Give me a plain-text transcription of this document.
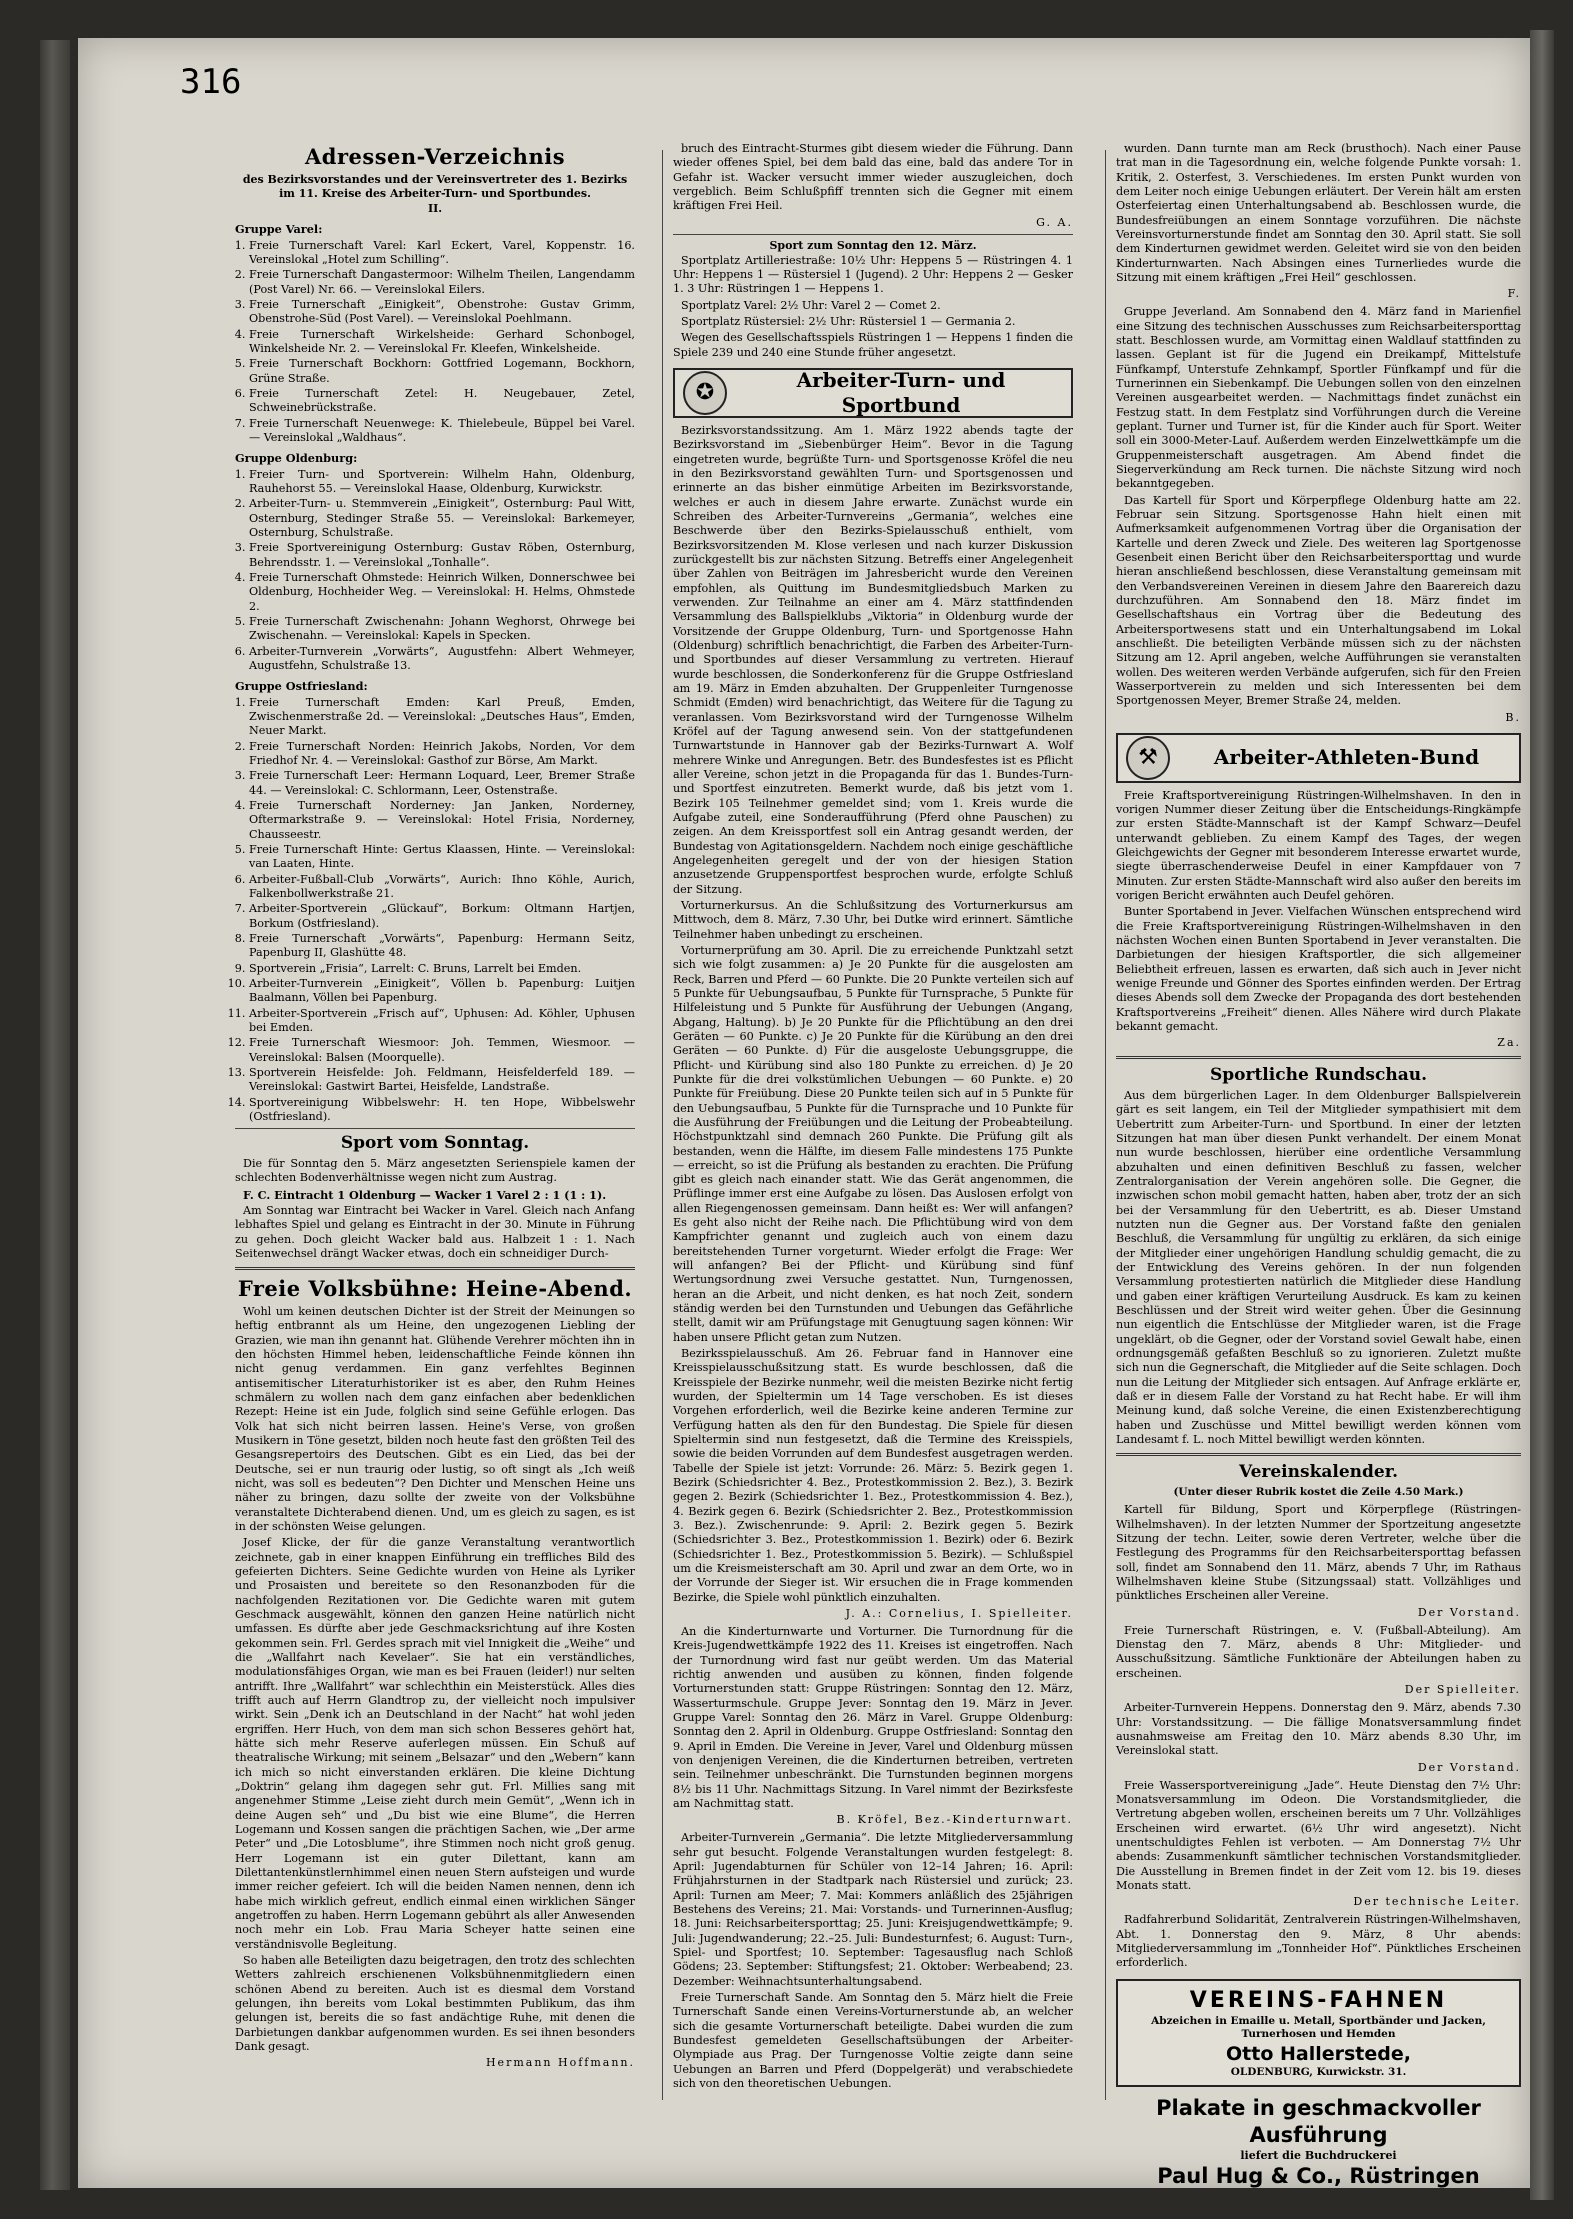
316
Adressen-Verzeichnis
des Bezirksvorstandes und der Vereinsvertreter des 1. Bezirks im 11. Kreise des Arbeiter-Turn- und Sportbundes.
II.
Gruppe Varel:
1. Freie Turnerschaft Varel: Karl Eckert, Varel, Koppenstr. 16. Vereinslokal „Hotel zum Schilling“.
2. Freie Turnerschaft Dangastermoor: Wilhelm Theilen, Langendamm (Post Varel) Nr. 66. — Vereinslokal Eilers.
3. Freie Turnerschaft „Einigkeit“, Obenstrohe: Gustav Grimm, Obenstrohe-Süd (Post Varel). — Vereinslokal Poehlmann.
4. Freie Turnerschaft Wirkelsheide: Gerhard Schonbogel, Winkelsheide Nr. 2. — Vereinslokal Fr. Kleefen, Winkelsheide.
5. Freie Turnerschaft Bockhorn: Gottfried Logemann, Bockhorn, Grüne Straße.
6. Freie Turnerschaft Zetel: H. Neugebauer, Zetel, Schweinebrückstraße.
7. Freie Turnerschaft Neuenwege: K. Thielebeule, Büppel bei Varel. — Vereinslokal „Waldhaus“.
Gruppe Oldenburg:
1. Freier Turn- und Sportverein: Wilhelm Hahn, Oldenburg, Rauhehorst 55. — Vereinslokal Haase, Oldenburg, Kurwickstr.
2. Arbeiter-Turn- u. Stemmverein „Einigkeit“, Osternburg: Paul Witt, Osternburg, Stedinger Straße 55. — Vereinslokal: Barkemeyer, Osternburg, Schulstraße.
3. Freie Sportvereinigung Osternburg: Gustav Röben, Osternburg, Behrendsstr. 1. — Vereinslokal „Tonhalle“.
4. Freie Turnerschaft Ohmstede: Heinrich Wilken, Donnerschwee bei Oldenburg, Hochheider Weg. — Vereinslokal: H. Helms, Ohmstede 2.
5. Freie Turnerschaft Zwischenahn: Johann Weghorst, Ohrwege bei Zwischenahn. — Vereinslokal: Kapels in Specken.
6. Arbeiter-Turnverein „Vorwärts“, Augustfehn: Albert Wehmeyer, Augustfehn, Schulstraße 13.
Gruppe Ostfriesland:
1. Freie Turnerschaft Emden: Karl Preuß, Emden, Zwischenmerstraße 2d. — Vereinslokal: „Deutsches Haus“, Emden, Neuer Markt.
2. Freie Turnerschaft Norden: Heinrich Jakobs, Norden, Vor dem Friedhof Nr. 4. — Vereinslokal: Gasthof zur Börse, Am Markt.
3. Freie Turnerschaft Leer: Hermann Loquard, Leer, Bremer Straße 44. — Vereinslokal: C. Schlormann, Leer, Ostenstraße.
4. Freie Turnerschaft Norderney: Jan Janken, Norderney, Oftermarkstraße 9. — Vereinslokal: Hotel Frisia, Norderney, Chausseestr.
5. Freie Turnerschaft Hinte: Gertus Klaassen, Hinte. — Vereinslokal: van Laaten, Hinte.
6. Arbeiter-Fußball-Club „Vorwärts“, Aurich: Ihno Köhle, Aurich, Falkenbollwerkstraße 21.
7. Arbeiter-Sportverein „Glückauf“, Borkum: Oltmann Hartjen, Borkum (Ostfriesland).
8. Freie Turnerschaft „Vorwärts“, Papenburg: Hermann Seitz, Papenburg II, Glashütte 48.
9. Sportverein „Frisia“, Larrelt: C. Bruns, Larrelt bei Emden.
10. Arbeiter-Turnverein „Einigkeit“, Völlen b. Papenburg: Luitjen Baalmann, Völlen bei Papenburg.
11. Arbeiter-Sportverein „Frisch auf“, Uphusen: Ad. Köhler, Uphusen bei Emden.
12. Freie Turnerschaft Wiesmoor: Joh. Temmen, Wiesmoor. — Vereinslokal: Balsen (Moorquelle).
13. Sportverein Heisfelde: Joh. Feldmann, Heisfelderfeld 189. — Vereinslokal: Gastwirt Bartei, Heisfelde, Landstraße.
14. Sportvereinigung Wibbelswehr: H. ten Hope, Wibbelswehr (Ostfriesland).
Sport vom Sonntag.

Die für Sonntag den 5. März angesetzten Serienspiele kamen der schlechten Bodenverhältnisse wegen nicht zum Austrag.

F. C. Eintracht 1 Oldenburg — Wacker 1 Varel 2 : 1 (1 : 1).

Am Sonntag war Eintracht bei Wacker in Varel. Gleich nach Anfang lebhaftes Spiel und gelang es Eintracht in der 30. Minute in Führung zu gehen. Doch gleicht Wacker bald aus. Halbzeit 1 : 1. Nach Seitenwechsel drängt Wacker etwas, doch ein schneidiger Durch-

Freie Volksbühne: Heine-Abend.

Wohl um keinen deutschen Dichter ist der Streit der Meinungen so heftig entbrannt als um Heine, den ungezogenen Liebling der Grazien, wie man ihn genannt hat. Glühende Verehrer möchten ihn in den höchsten Himmel heben, leidenschaftliche Feinde können ihn nicht genug verdammen. Ein ganz verfehltes Beginnen antisemitischer Literaturhistoriker ist es aber, den Ruhm Heines schmälern zu wollen nach dem ganz einfachen aber bedenklichen Rezept: Heine ist ein Jude, folglich sind seine Gefühle erlogen. Das Volk hat sich nicht beirren lassen. Heine's Verse, von großen Musikern in Töne gesetzt, bilden noch heute fast den größten Teil des Gesangsrepertoirs des Deutschen. Gibt es ein Lied, das bei der Deutsche, sei er nun traurig oder lustig, so oft singt als „Ich weiß nicht, was soll es bedeuten“? Den Dichter und Menschen Heine uns näher zu bringen, dazu sollte der zweite von der Volksbühne veranstaltete Dichterabend dienen. Und, um es gleich zu sagen, es ist in der schönsten Weise gelungen.

Josef Klicke, der für die ganze Veranstaltung verantwortlich zeichnete, gab in einer knappen Einführung ein treffliches Bild des gefeierten Dichters. Seine Gedichte wurden von Heine als Lyriker und Prosaisten und bereitete so den Resonanzboden für die nachfolgenden Rezitationen vor. Die Gedichte waren mit gutem Geschmack ausgewählt, können den ganzen Heine natürlich nicht umfassen. Es dürfte aber jede Geschmacksrichtung auf ihre Kosten gekommen sein. Frl. Gerdes sprach mit viel Innigkeit die „Weihe“ und die „Wallfahrt nach Kevelaer“. Sie hat ein verständliches, modulationsfähiges Organ, wie man es bei Frauen (leider!) nur selten antrifft. Ihre „Wallfahrt“ war schlechthin ein Meisterstück. Alles dies trifft auch auf Herrn Glandtrop zu, der vielleicht noch impulsiver wirkt. Sein „Denk ich an Deutschland in der Nacht“ hat wohl jeden ergriffen. Herr Huch, von dem man sich schon Besseres gehört hat, hätte sich mehr Reserve auferlegen müssen. Ein Schuß auf theatralische Wirkung; mit seinem „Belsazar“ und den „Webern“ kann ich mich so nicht einverstanden erklären. Die kleine Dichtung „Doktrin“ gelang ihm dagegen sehr gut. Frl. Millies sang mit angenehmer Stimme „Leise zieht durch mein Gemüt“, „Wenn ich in deine Augen seh“ und „Du bist wie eine Blume“, die Herren Logemann und Kossen sangen die prächtigen Sachen, wie „Der arme Peter“ und „Die Lotosblume“, ihre Stimmen noch nicht groß genug. Herr Logemann ist ein guter Dilettant, kann am Dilettantenkünstlernhimmel einen neuen Stern aufsteigen und wurde immer reicher gefeiert. Ich will die beiden Namen nennen, denn ich habe mich wirklich gefreut, endlich einmal einen wirklichen Sänger angetroffen zu haben. Herrn Logemann gebührt als aller Anwesenden noch mehr ein Lob. Frau Maria Scheyer hatte seinen eine verständnisvolle Begleitung.

So haben alle Beteiligten dazu beigetragen, den trotz des schlechten Wetters zahlreich erschienenen Volksbühnenmitgliedern einen schönen Abend zu bereiten. Auch ist es diesmal dem Vorstand gelungen, ihn bereits vom Lokal bestimmten Publikum, das ihm gelungen ist, bereits die so fast andächtige Ruhe, mit denen die Darbietungen dankbar aufgenommen wurden. Es sei ihnen besonders Dank gesagt.

Hermann Hoffmann.

bruch des Eintracht-Sturmes gibt diesem wieder die Führung. Dann wieder offenes Spiel, bei dem bald das eine, bald das andere Tor in Gefahr ist. Wacker versucht immer wieder auszugleichen, doch vergeblich. Beim Schlußpfiff trennten sich die Gegner mit einem kräftigen Frei Heil.

G. A.
Sport zum Sonntag den 12. März.

Sportplatz Artilleriestraße: 10½ Uhr: Heppens 5 — Rüstringen 4. 1 Uhr: Heppens 1 — Rüstersiel 1 (Jugend). 2 Uhr: Heppens 2 — Gesker 1. 3 Uhr: Rüstringen 1 — Heppens 1.

Sportplatz Varel: 2½ Uhr: Varel 2 — Comet 2.

Sportplatz Rüstersiel: 2½ Uhr: Rüstersiel 1 — Germania 2.

Wegen des Gesellschaftsspiels Rüstringen 1 — Heppens 1 finden die Spiele 239 und 240 eine Stunde früher angesetzt.

✪
Arbeiter-Turn- und Sportbund

Bezirksvorstandssitzung. Am 1. März 1922 abends tagte der Bezirksvorstand im „Siebenbürger Heim“. Bevor in die Tagung eingetreten wurde, begrüßte Turn- und Sportsgenosse Kröfel die neu in den Bezirksvorstand gewählten Turn- und Sportsgenossen und erinnerte an das bisher einmütige Arbeiten im Bezirksvorstande, welches er auch in diesem Jahre erwarte. Zunächst wurde ein Schreiben des Arbeiter-Turnvereins „Germania“, welches eine Beschwerde über den Bezirks-Spielausschuß enthielt, vom Bezirksvorsitzenden M. Klose verlesen und nach kurzer Diskussion zurückgestellt bis zur nächsten Sitzung. Betreffs einer Angelegenheit über Zahlen von Beiträgen im Jahresbericht wurde den Vereinen empfohlen, als Quittung im Bundesmitgliedsbuch Marken zu verwenden. Zur Teilnahme an einer am 4. März stattfindenden Versammlung des Ballspielklubs „Viktoria“ in Oldenburg wurde der Vorsitzende der Gruppe Oldenburg, Turn- und Sportgenosse Hahn (Oldenburg) schriftlich benachrichtigt, die Farben des Arbeiter-Turn- und Sportbundes auf dieser Versammlung zu vertreten. Hierauf wurde beschlossen, die Sonderkonferenz für die Gruppe Ostfriesland am 19. März in Emden abzuhalten. Der Gruppenleiter Turngenosse Schmidt (Emden) wird benachrichtigt, das Weitere für die Tagung zu veranlassen. Vom Bezirksvorstand wird der Turngenosse Wilhelm Kröfel auf der Tagung anwesend sein. Von der stattgefundenen Turnwartstunde in Hannover gab der Bezirks-Turnwart A. Wolf mehrere Winke und Anregungen. Betr. des Bundesfestes ist es Pflicht aller Vereine, schon jetzt in die Propaganda für das 1. Bundes-Turn- und Sportfest einzutreten. Bemerkt wurde, daß bis jetzt vom 1. Bezirk 105 Teilnehmer gemeldet sind; vom 1. Kreis wurde die Aufgabe zuteil, eine Sonderaufführung (Pferd ohne Pauschen) zu zeigen. An dem Kreissportfest soll ein Antrag gesandt werden, der Bundestag von Agitationsgeldern. Nachdem noch einige geschäftliche Angelegenheiten geregelt und der von der hiesigen Station anzusetzende Gruppensportfest besprochen wurde, erfolgte Schluß der Sitzung.

Vorturnerkursus. An die Schlußsitzung des Vorturnerkursus am Mittwoch, dem 8. März, 7.30 Uhr, bei Dutke wird erinnert. Sämtliche Teilnehmer haben unbedingt zu erscheinen.

Vorturnerprüfung am 30. April. Die zu erreichende Punktzahl setzt sich wie folgt zusammen: a) Je 20 Punkte für die ausgelosten am Reck, Barren und Pferd — 60 Punkte. Die 20 Punkte verteilen sich auf 5 Punkte für Uebungsaufbau, 5 Punkte für Turnsprache, 5 Punkte für Hilfeleistung und 5 Punkte für Ausführung der Uebungen (Angang, Abgang, Haltung). b) Je 20 Punkte für die Pflichtübung an den drei Geräten — 60 Punkte. c) Je 20 Punkte für die Kürübung an den drei Geräten — 60 Punkte. d) Für die ausgeloste Uebungsgruppe, die Pflicht- und Kürübung sind also 180 Punkte zu erreichen. d) Je 20 Punkte für die drei volkstümlichen Uebungen — 60 Punkte. e) 20 Punkte für Freiübung. Diese 20 Punkte teilen sich auf in 5 Punkte für den Uebungsaufbau, 5 Punkte für die Turnsprache und 10 Punkte für die Ausführung der Freiübungen und die Leitung der Probeabteilung. Höchstpunktzahl sind demnach 260 Punkte. Die Prüfung gilt als bestanden, wenn die Hälfte, im diesem Falle mindestens 175 Punkte — erreicht, so ist die Prüfung als bestanden zu erachten. Die Prüfung gibt es gleich nach einander statt. Wie das Gerät angenommen, die Prüflinge immer erst eine Aufgabe zu lösen. Das Auslosen erfolgt von allen Riegengenossen gemeinsam. Dann heißt es: Wer will anfangen? Es geht also nicht der Reihe nach. Die Pflichtübung wird von dem Kampfrichter genannt und zugleich auch von einem dazu bereitstehenden Turner vorgeturnt. Wieder erfolgt die Frage: Wer will anfangen? Bei der Pflicht- und Kürübung sind fünf Wertungsordnung zwei Versuche gestattet. Nun, Turngenossen, heran an die Arbeit, und nicht denken, es hat noch Zeit, sondern ständig werden bei den Turnstunden und Uebungen das Gefährliche stellt, damit wir am Prüfungstage mit Genugtuung sagen können: Wir haben unsere Pflicht getan zum Nutzen.

Bezirksspielausschuß. Am 26. Februar fand in Hannover eine Kreisspielausschußsitzung statt. Es wurde beschlossen, daß die Kreisspiele der Bezirke nunmehr, weil die meisten Bezirke nicht fertig wurden, der Spieltermin um 14 Tage verschoben. Es ist dieses Vorgehen erforderlich, weil die Bezirke keine anderen Termine zur Verfügung hatten als den für den Bundestag. Die Spiele für diesen Spieltermin sind nun festgesetzt, daß die Termine des Kreisspiels, sowie die beiden Vorrunden auf dem Bundesfest ausgetragen werden. Tabelle der Spiele ist jetzt: Vorrunde: 26. März: 5. Bezirk gegen 1. Bezirk (Schiedsrichter 4. Bez., Protestkommission 2. Bez.), 3. Bezirk gegen 2. Bezirk (Schiedsrichter 1. Bez., Protestkommission 4. Bez.), 4. Bezirk gegen 6. Bezirk (Schiedsrichter 2. Bez., Protestkommission 3. Bez.). Zwischenrunde: 9. April: 2. Bezirk gegen 5. Bezirk (Schiedsrichter 3. Bez., Protestkommission 1. Bezirk) oder 6. Bezirk (Schiedsrichter 1. Bez., Protestkommission 5. Bezirk). — Schlußspiel um die Kreismeisterschaft am 30. April und zwar an dem Orte, wo in der Vorrunde der Sieger ist. Wir ersuchen die in Frage kommenden Bezirke, die Spiele wohl pünktlich einzuhalten.

J. A.: Cornelius, I. Spielleiter.

An die Kinderturnwarte und Vorturner. Die Turnordnung für die Kreis-Jugendwettkämpfe 1922 des 11. Kreises ist eingetroffen. Nach der Turnordnung wird fast nur geübt werden. Um das Material richtig anwenden und ausüben zu können, finden folgende Vorturnerstunden statt: Gruppe Rüstringen: Sonntag den 12. März, Wasserturmschule. Gruppe Jever: Sonntag den 19. März in Jever. Gruppe Varel: Sonntag den 26. März in Varel. Gruppe Oldenburg: Sonntag den 2. April in Oldenburg. Gruppe Ostfriesland: Sonntag den 9. April in Emden. Die Vereine in Jever, Varel und Oldenburg müssen von denjenigen Vereinen, die die Kinderturnen betreiben, vertreten sein. Teilnehmer unbeschränkt. Die Turnstunden beginnen morgens 8½ bis 11 Uhr. Nachmittags Sitzung. In Varel nimmt der Bezirksfeste am Nachmittag statt.

B. Kröfel, Bez.-Kinderturnwart.

Arbeiter-Turnverein „Germania“. Die letzte Mitgliederversammlung sehr gut besucht. Folgende Veranstaltungen wurden festgelegt: 8. April: Jugendabturnen für Schüler von 12–14 Jahren; 16. April: Frühjahrsturnen in der Stadtpark nach Rüstersiel und zurück; 23. April: Turnen am Meer; 7. Mai: Kommers anläßlich des 25jährigen Bestehens des Vereins; 21. Mai: Vorstands- und Turnerinnen-Ausflug; 18. Juni: Reichsarbeitersporttag; 25. Juni: Kreisjugendwettkämpfe; 9. Juli: Jugendwanderung; 22.–25. Juli: Bundesturnfest; 6. August: Turn-, Spiel- und Sportfest; 10. September: Tagesausflug nach Schloß Gödens; 23. September: Stiftungsfest; 21. Oktober: Werbeabend; 23. Dezember: Weihnachtsunterhaltungsabend.

Freie Turnerschaft Sande. Am Sonntag den 5. März hielt die Freie Turnerschaft Sande einen Vereins-Vorturnerstunde ab, an welcher sich die gesamte Vorturnerschaft beteiligte. Dabei wurden die zum Bundesfest gemeldeten Gesellschaftsübungen der Arbeiter-Olympiade aus Prag. Der Turngenosse Voltie zeigte dann seine Uebungen an Barren und Pferd (Doppelgerät) und verabschiedete sich von den theoretischen Uebungen.

wurden. Dann turnte man am Reck (brusthoch). Nach einer Pause trat man in die Tagesordnung ein, welche folgende Punkte vorsah: 1. Kritik, 2. Osterfest, 3. Verschiedenes. Im ersten Punkt wurden von dem Leiter noch einige Uebungen erläutert. Der Verein hält am ersten Osterfeiertag einen Unterhaltungsabend ab. Beschlossen wurde, die Bundesfreiübungen an einem Sonntage vorzuführen. Die nächste Vereinsvorturnerstunde findet am Sonntag den 30. April statt. Sie soll dem Kinderturnen gewidmet werden. Geleitet wird sie von den beiden Kinderturnwarten. Nach Absingen eines Turnerliedes wurde die Sitzung mit einem kräftigen „Frei Heil“ geschlossen.

F.

Gruppe Jeverland. Am Sonnabend den 4. März fand in Marienfiel eine Sitzung des technischen Ausschusses zum Reichsarbeitersporttag statt. Beschlossen wurde, am Vormittag einen Waldlauf stattfinden zu lassen. Geplant ist für die Jugend ein Dreikampf, Mittelstufe Fünfkampf, Unterstufe Zehnkampf, Sportler Fünfkampf und für die Turnerinnen ein Siebenkampf. Die Uebungen sollen von den einzelnen Vereinen ausgearbeitet werden. — Nachmittags findet zunächst ein Festzug statt. In dem Festplatz sind Vorführungen durch die Vereine geplant. Turner und Turner ist, für die Kinder auch für Sport. Weiter soll ein 3000-Meter-Lauf. Außerdem werden Einzelwettkämpfe um die Gruppenmeisterschaft ausgetragen. Am Abend findet die Siegerverkündung am Reck turnen. Die nächste Sitzung wird noch bekanntgegeben.

Das Kartell für Sport und Körperpflege Oldenburg hatte am 22. Februar sein Sitzung. Sportsgenosse Hahn hielt einen mit Aufmerksamkeit aufgenommenen Vortrag über die Organisation der Kartelle und deren Zweck und Ziele. Des weiteren lag Sportgenosse Gesenbeit einen Bericht über den Reichsarbeitersporttag und wurde hieran anschließend beschlossen, diese Veranstaltung gemeinsam mit den Verbandsvereinen Vereinen in diesem Jahre den Baarereich dazu durchzuführen. Am Sonnabend den 18. März findet im Gesellschaftshaus ein Vortrag über die Bedeutung des Arbeitersportwesens statt und ein Unterhaltungsabend im Lokal anschließt. Die beteiligten Verbände müssen sich zu der nächsten Sitzung am 12. April angeben, welche Aufführungen sie veranstalten wollen. Des weiteren werden Verbände aufgerufen, sich für den Freien Wasserportverein zu melden und sich Interessenten bei dem Sportgenossen Meyer, Bremer Straße 24, melden.

B.
⚒	Arbeiter-Athleten-Bund

Freie Kraftsportvereinigung Rüstringen-Wilhelmshaven. In den in vorigen Nummer dieser Zeitung über die Entscheidungs-Ringkämpfe zur ersten Städte-Mannschaft ist der Kampf Schwarz—Deufel unterwandt geblieben. Zu einem Kampf des Tages, der wegen Gleichgewichts der Gegner mit besonderem Interesse erwartet wurde, siegte überraschenderweise Deufel in einer Kampfdauer von 7 Minuten. Zur ersten Städte-Mannschaft wird also außer den bereits im vorigen Bericht erwähnten auch Deufel gehören.

Bunter Sportabend in Jever. Vielfachen Wünschen entsprechend wird die Freie Kraftsportvereinigung Rüstringen-Wilhelmshaven in den nächsten Wochen einen Bunten Sportabend in Jever veranstalten. Die Darbietungen der hiesigen Kraftsportler, die sich allgemeiner Beliebtheit erfreuen, lassen es erwarten, daß sich auch in Jever nicht wenige Freunde und Gönner des Sportes einfinden werden. Der Ertrag dieses Abends soll dem Zwecke der Propaganda des dort bestehenden Kraftsportvereins „Freiheit“ dienen. Alles Nähere wird durch Plakate bekannt gemacht.

Za.
Sportliche Rundschau.

Aus dem bürgerlichen Lager. In dem Oldenburger Ballspielverein gärt es seit langem, ein Teil der Mitglieder sympathisiert mit dem Uebertritt zum Arbeiter-Turn- und Sportbund. In einer der letzten Sitzungen hat man über diesen Punkt verhandelt. Der einem Monat nun wurde beschlossen, hierüber eine ordentliche Versammlung abzuhalten und einen definitiven Beschluß zu fassen, welcher Zentralorganisation der Verein angehören solle. Die Gegner, die inzwischen schon mobil gemacht hatten, haben aber, trotz der an sich bei der Versammlung für den Uebertritt, es ab. Dieser Umstand nutzten nun die Gegner aus. Der Vorstand faßte den genialen Beschluß, die Versammlung für ungültig zu erklären, da sich einige der Mitglieder einer ungehörigen Handlung schuldig gemacht, die zu der Entwicklung des Vereins gehören. In der nun folgenden Versammlung protestierten natürlich die Mitglieder diese Handlung und gaben einer kräftigen Verurteilung Ausdruck. Es kam zu keinen Beschlüssen und der Streit wird weiter gehen. Über die Gesinnung nun eigentlich die Entschlüsse der Mitglieder waren, ist die Frage ungeklärt, ob die Gegner, oder der Vorstand soviel Gewalt habe, einen ordnungsgemäß gefaßten Beschluß so zu ignorieren. Zuletzt mußte sich nun die Gegnerschaft, die Mitglieder auf die Seite schlagen. Doch nun die Leitung der Mitglieder sich entsagen. Auf Anfrage erklärte er, daß er in diesem Falle der Vorstand zu hat Recht habe. Er will ihm Meinung kund, daß solche Vereine, die einen Existenzberechtigung haben und Zuschüsse und Mittel bewilligt werden können vom Landesamt f. L. noch Mittel bewilligt werden könnten.

Vereinskalender.
(Unter dieser Rubrik kostet die Zeile 4.50 Mark.)

Kartell für Bildung, Sport und Körperpflege (Rüstringen-Wilhelmshaven). In der letzten Nummer der Sportzeitung angesetzte Sitzung der techn. Leiter, sowie deren Vertreter, welche über die Festlegung des Programms für den Reichsarbeitersporttag befassen soll, findet am Sonnabend den 11. März, abends 7 Uhr, im Rathaus Wilhelmshaven kleine Stube (Sitzungssaal) statt. Vollzähliges und pünktliches Erscheinen aller Vereine.

Der Vorstand.

Freie Turnerschaft Rüstringen, e. V. (Fußball-Abteilung). Am Dienstag den 7. März, abends 8 Uhr: Mitglieder- und Ausschußsitzung. Sämtliche Funktionäre der Abteilungen haben zu erscheinen.

Der Spielleiter.

Arbeiter-Turnverein Heppens. Donnerstag den 9. März, abends 7.30 Uhr: Vorstandssitzung. — Die fällige Monatsversammlung findet ausnahmsweise am Freitag den 10. März abends 8.30 Uhr, im Vereinslokal statt.

Der Vorstand.

Freie Wassersportvereinigung „Jade“. Heute Dienstag den 7½ Uhr: Monatsversammlung im Odeon. Die Vorstandsmitglieder, die Vertretung abgeben wollen, erscheinen bereits um 7 Uhr. Vollzähliges Erscheinen wird erwartet. (6½ Uhr wird angesetzt). Nicht unentschuldigtes Fehlen ist verboten. — Am Donnerstag 7½ Uhr abends: Zusammenkunft sämtlicher technischen Vorstandsmitglieder. Die Ausstellung in Bremen findet in der Zeit vom 12. bis 19. dieses Monats statt.

Der technische Leiter.

Radfahrerbund Solidarität, Zentralverein Rüstringen-Wilhelmshaven, Abt. 1. Donnerstag den 9. März, 8 Uhr abends: Mitgliederversammlung im „Tonnheider Hof“. Pünktliches Erscheinen erforderlich.

VEREINS-FAHNEN
Abzeichen in Emaille u. Metall, Sportbänder und Jacken, Turnerhosen und Hemden
Otto Hallerstede,
OLDENBURG, Kurwickstr. 31.
Plakate in geschmackvoller Ausführung
liefert die Buchdruckerei
Paul Hug & Co., Rüstringen
